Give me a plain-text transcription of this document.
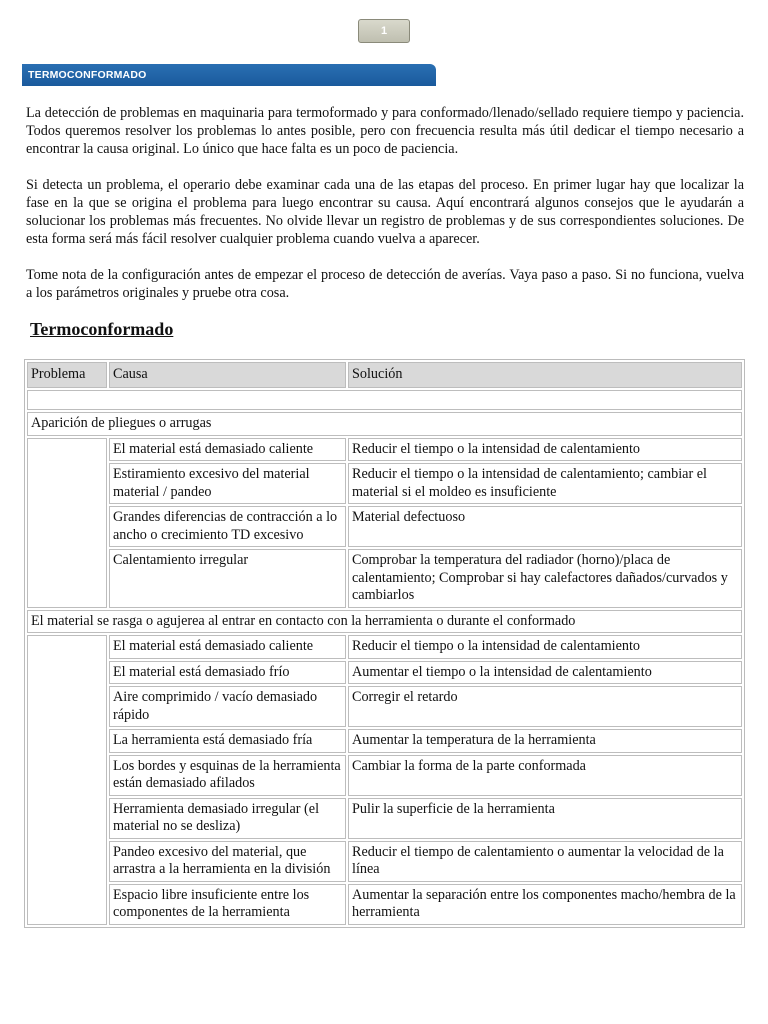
1
TERMOCONFORMADO

La detección de problemas en maquinaria para termoformado y para conformado/llenado/sellado requiere tiempo y paciencia. Todos queremos resolver los problemas lo antes posible, pero con frecuencia resulta más útil dedicar el tiempo necesario a encontrar la causa original. Lo único que hace falta es un poco de paciencia.

Si detecta un problema, el operario debe examinar cada una de las etapas del proceso. En primer lugar hay que localizar la fase en la que se origina el problema para luego encontrar su causa. Aquí encontrará algunos consejos que le ayudarán a solucionar los problemas más frecuentes. No olvide llevar un registro de problemas y de sus correspondientes soluciones. De esta forma será más fácil resolver cualquier problema cuando vuelva a aparecer.

Tome nota de la configuración antes de empezar el proceso de detección de averías. Vaya paso a paso. Si no funciona, vuelva a los parámetros originales y pruebe otra cosa.

Termoconformado
Problema	Causa	Solución

Aparición de pliegues o arrugas		
	El material está demasiado caliente	Reducir el tiempo o la intensidad de calentamiento
	Estiramiento excesivo del material material / pandeo	Reducir el tiempo o la intensidad de calentamiento; cambiar el material si el moldeo es insuficiente
	Grandes diferencias de contracción a lo ancho o crecimiento TD excesivo	Material defectuoso
	Calentamiento irregular	Comprobar la temperatura del radiador (horno)/placa de calentamiento; Comprobar si hay calefactores dañados/curvados y cambiarlos
El material se rasga o agujerea al entrar en contacto con la herramienta o durante el conformado		
	El material está demasiado caliente	Reducir el tiempo o la intensidad de calentamiento
	El material está demasiado frío	Aumentar el tiempo o la intensidad de calentamiento
	Aire comprimido / vacío demasiado rápido	Corregir el retardo
	La herramienta está demasiado fría	Aumentar la temperatura de la herramienta
	Los bordes y esquinas de la herramienta están demasiado afilados	Cambiar la forma de la parte conformada
	Herramienta demasiado irregular (el material no se desliza)	Pulir la superficie de la herramienta
	Pandeo excesivo del material, que arrastra a la herramienta en la división	Reducir el tiempo de calentamiento o aumentar la velocidad de la línea
	Espacio libre insuficiente entre los componentes de la herramienta	Aumentar la separación entre los componentes macho/hembra de la herramienta
